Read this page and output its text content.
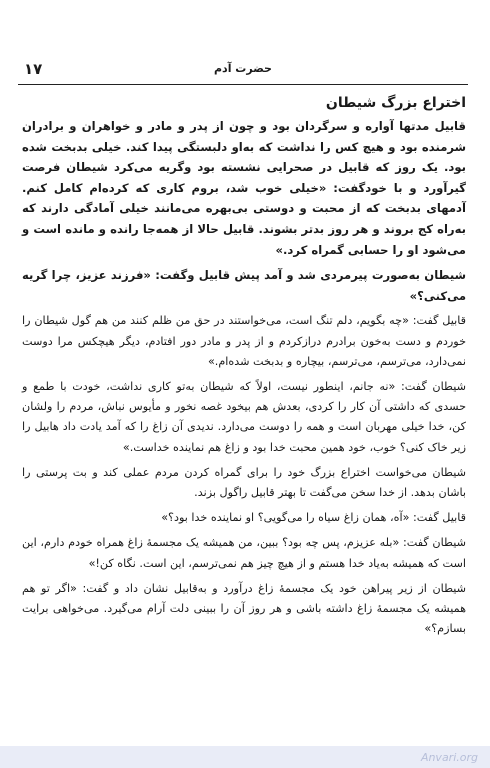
۱۷	حضرت آدم
اختراع بزرگ شیطان

قابیل مدتها آواره و سرگردان بود و چون از پدر و مادر و خواهران و برادران شرمنده بود و هیچ کس را نداشت که به‌او دلبستگی پیدا کند. خیلی بدبخت شده بود. یک روز که قابیل در صحرایی نشسته بود وگریه می‌کرد شیطان فرصت گیرآورد و با خودگفت: «خیلی خوب شد، بروم کاری که کرده‌ام کامل کنم. آدمهای بدبخت که از محبت و دوستی بی‌بهره می‌مانند خیلی آمادگی دارند که به‌راه کج بروند و هر روز بدتر بشوند. قابیل حالا از همه‌جا رانده و مانده است و می‌شود او را حسابی گمراه کرد.»

شیطان به‌صورت پیرمردی شد و آمد پیش قابیل وگفت: «فرزند عزیز، چرا گریه می‌کنی؟»

قابیل گفت: «چه بگویم، دلم تنگ است، می‌خواستند در حق من ظلم کنند من هم گول شیطان را خوردم و دست به‌خون برادرم درازکردم و از پدر و مادر دور افتادم، دیگر هیچکس مرا دوست نمی‌دارد، می‌ترسم، می‌ترسم، بیچاره و بدبخت شده‌ام.»

شیطان گفت: «نه جانم، اینطور نیست، اولاً که شیطان به‌تو کاری نداشت، خودت با طمع و حسدی که داشتی آن کار را کردی، بعدش هم بیخود غصه نخور و مأیوس نباش، مردم را ولشان کن، خدا خیلی مهربان است و همه را دوست می‌دارد. ندیدی آن زاغ را که آمد یادت داد هابیل را زیر خاک کنی؟ خوب، خود همین محبت خدا بود و زاغ هم نماینده خداست.»

شیطان می‌خواست اختراع بزرگ خود را برای گمراه کردن مردم عملی کند و بت پرستی را باشان بدهد. از خدا سخن می‌گفت تا بهتر قابیل راگول بزند.

قابیل گفت: «آه، همان زاغ سیاه را می‌گویی؟ او نماینده خدا بود؟»

شیطان گفت: «بله عزیزم، پس چه بود؟ ببین، من همیشه یک مجسمهٔ زاغ همراه خودم دارم، این است که همیشه به‌یاد خدا هستم و از هیچ چیز هم نمی‌ترسم، این است. نگاه کن!»

شیطان از زیر پیراهن خود یک مجسمهٔ زاغ درآورد و به‌قابیل نشان داد و گفت: «اگر تو هم همیشه یک مجسمهٔ زاغ داشته باشی و هر روز آن را ببینی دلت آرام می‌گیرد. می‌خواهی برایت بسازم؟»

Anvari.org
